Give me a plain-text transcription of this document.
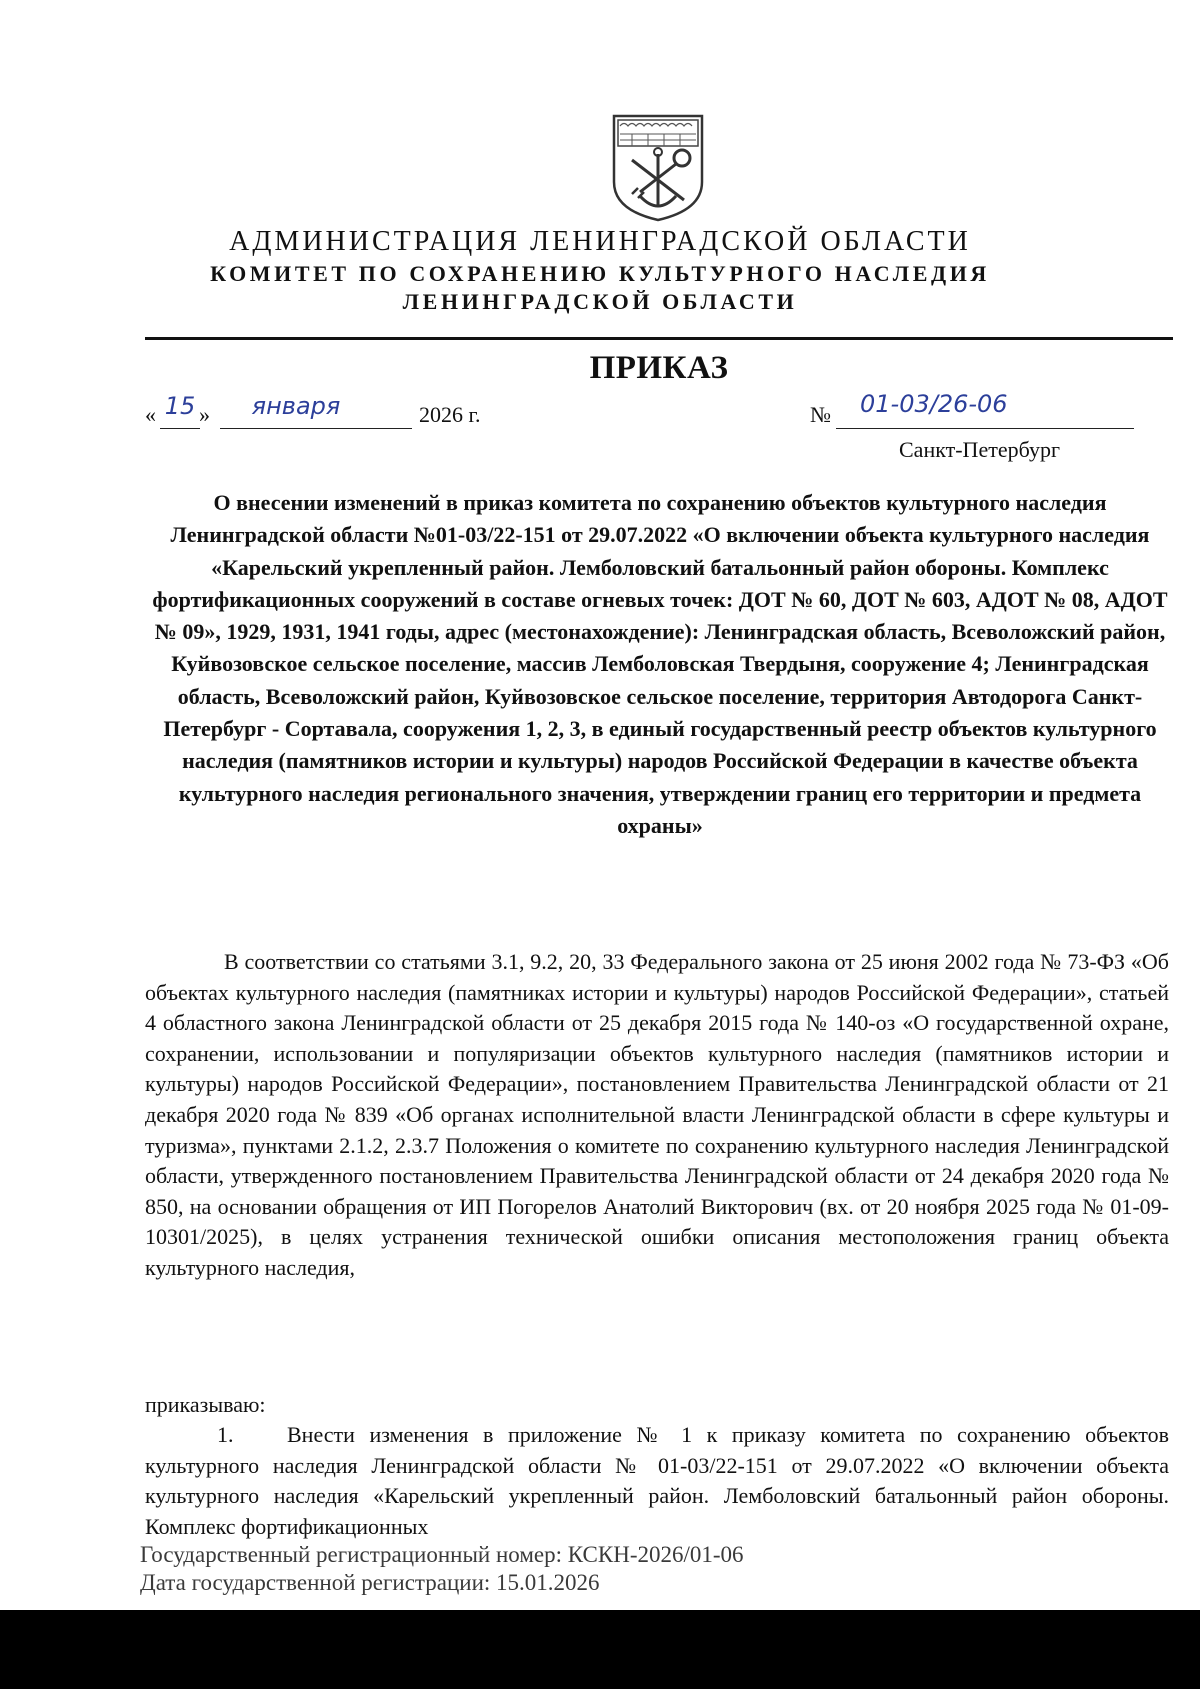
АДМИНИСТРАЦИЯ ЛЕНИНГРАДСКОЙ ОБЛАСТИ
КОМИТЕТ ПО СОХРАНЕНИЮ КУЛЬТУРНОГО НАСЛЕДИЯ
ЛЕНИНГРАДСКОЙ ОБЛАСТИ
ПРИКАЗ
« 15 »	января	2026 г.	№ 01-03/26-06
Санкт-Петербург
О внесении изменений в приказ комитета по сохранению объектов культурного наследия Ленинградской области №01-03/22-151 от 29.07.2022 «О включении объекта культурного наследия «Карельский укрепленный район. Лемболовский батальонный район обороны. Комплекс фортификационных сооружений в составе огневых точек: ДОТ № 60, ДОТ № 603, АДОТ № 08, АДОТ № 09», 1929, 1931, 1941 годы, адрес (местонахождение): Ленинградская область, Всеволожский район, Куйвозовское сельское поселение, массив Лемболовская Твердыня, сооружение 4; Ленинградская область, Всеволожский район, Куйвозовское сельское поселение, территория Автодорога Санкт-Петербург - Сортавала, сооружения 1, 2, 3, в единый государственный реестр объектов культурного наследия (памятников истории и культуры) народов Российской Федерации в качестве объекта культурного наследия регионального значения, утверждении границ его территории и предмета охраны»
В соответствии со статьями 3.1, 9.2, 20, 33 Федерального закона от 25 июня 2002 года № 73-ФЗ «Об объектах культурного наследия (памятниках истории и культуры) народов Российской Федерации», статьей 4 областного закона Ленинградской области от 25 декабря 2015 года № 140-оз «О государственной охране, сохранении, использовании и популяризации объектов культурного наследия (памятников истории и культуры) народов Российской Федерации», постановлением Правительства Ленинградской области от 21 декабря 2020 года № 839 «Об органах исполнительной власти Ленинградской области в сфере культуры и туризма», пунктами 2.1.2, 2.3.7 Положения о комитете по сохранению культурного наследия Ленинградской области, утвержденного постановлением Правительства Ленинградской области от 24 декабря 2020 года № 850, на основании обращения от ИП Погорелов Анатолий Викторович (вх. от 20 ноября 2025 года № 01-09-10301/2025), в целях устранения технической ошибки описания местоположения границ объекта культурного наследия,
приказываю:
1. Внести изменения в приложение № 1 к приказу комитета по сохранению объектов культурного наследия Ленинградской области № 01-03/22-151 от 29.07.2022 «О включении объекта культурного наследия «Карельский укрепленный район. Лемболовский батальонный район обороны. Комплекс фортификационных
Государственный регистрационный номер: КСКН-2026/01-06
Дата государственной регистрации: 15.01.2026
